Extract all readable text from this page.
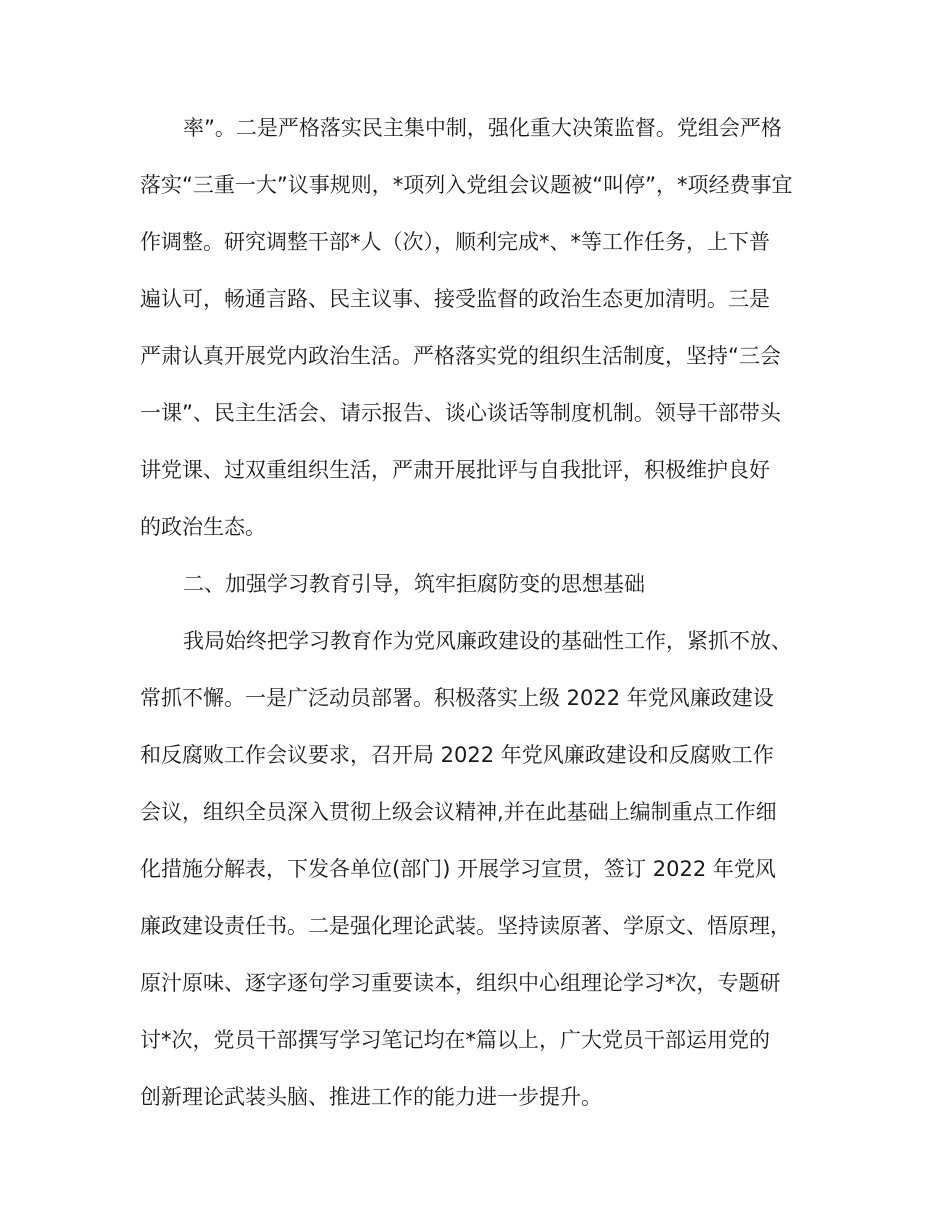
率”。二是严格落实民主集中制，强化重大决策监督。党组会严格
落实“三重一大”议事规则，*项列入党组会议题被“叫停”，*项经费事宜
作调整。研究调整干部*人（次），顺利完成*、*等工作任务，上下普
遍认可，畅通言路、民主议事、接受监督的政治生态更加清明。三是
严肃认真开展党内政治生活。严格落实党的组织生活制度，坚持“三会
一课”、民主生活会、请示报告、谈心谈话等制度机制。领导干部带头
讲党课、过双重组织生活，严肃开展批评与自我批评，积极维护良好
的政治生态。
二、加强学习教育引导，筑牢拒腐防变的思想基础
我局始终把学习教育作为党风廉政建设的基础性工作，紧抓不放、
常抓不懈。一是广泛动员部署。积极落实上级 2022 年党风廉政建设
和反腐败工作会议要求，召开局 2022 年党风廉政建设和反腐败工作
会议，组织全员深入贯彻上级会议精神,并在此基础上编制重点工作细
化措施分解表，下发各单位(部门) 开展学习宣贯，签订 2022 年党风
廉政建设责任书。二是强化理论武装。坚持读原著、学原文、悟原理，
原汁原味、逐字逐句学习重要读本，组织中心组理论学习*次，专题研
讨*次，党员干部撰写学习笔记均在*篇以上，广大党员干部运用党的
创新理论武装头脑、推进工作的能力进一步提升。
